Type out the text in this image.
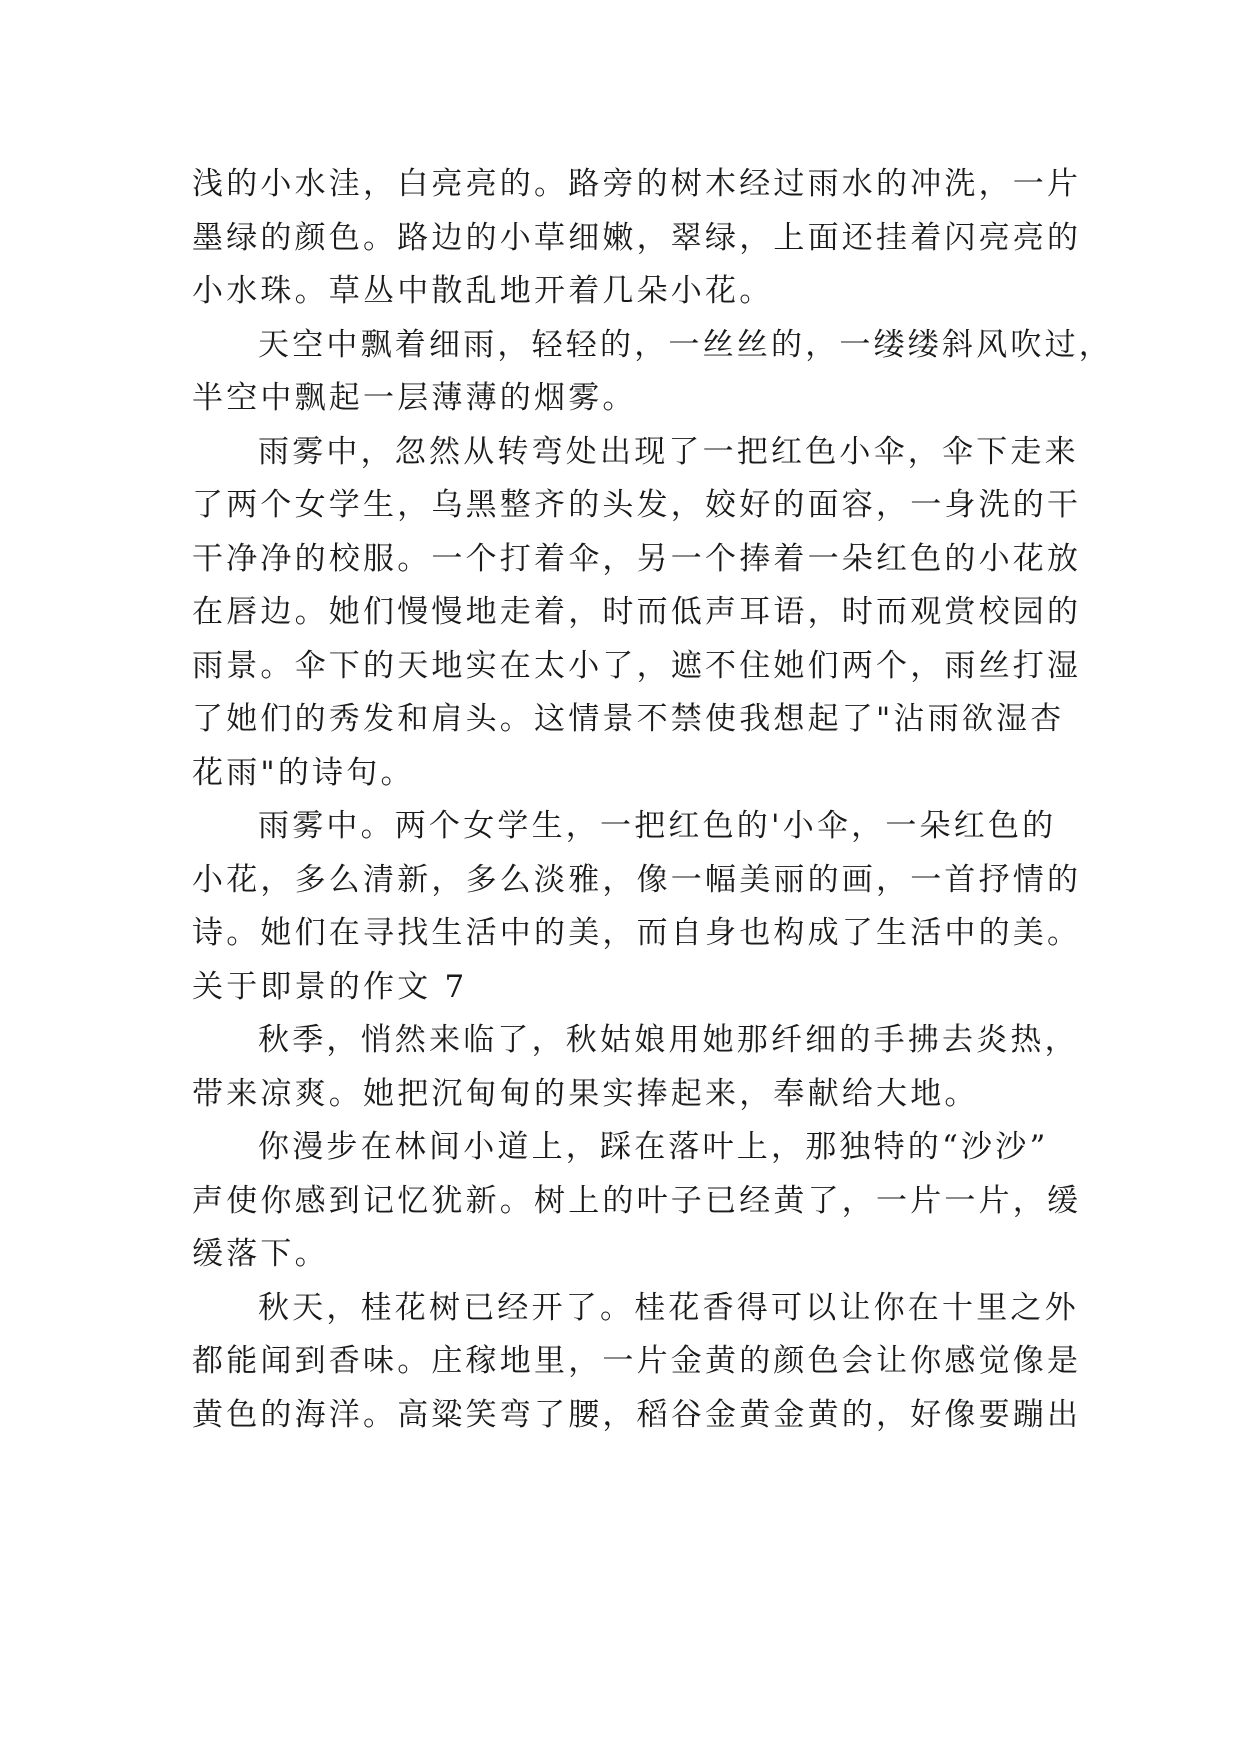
浅的小水洼，白亮亮的。路旁的树木经过雨水的冲洗，一片
墨绿的颜色。路边的小草细嫩，翠绿，上面还挂着闪亮亮的
小水珠。草丛中散乱地开着几朵小花。
天空中飘着细雨，轻轻的，一丝丝的，一缕缕斜风吹过，
半空中飘起一层薄薄的烟雾。
雨雾中，忽然从转弯处出现了一把红色小伞，伞下走来
了两个女学生，乌黑整齐的头发，姣好的面容，一身洗的干
干净净的校服。一个打着伞，另一个捧着一朵红色的小花放
在唇边。她们慢慢地走着，时而低声耳语，时而观赏校园的
雨景。伞下的天地实在太小了，遮不住她们两个，雨丝打湿
了她们的秀发和肩头。这情景不禁使我想起了"沾雨欲湿杏
花雨"的诗句。
雨雾中。两个女学生，一把红色的'小伞，一朵红色的
小花，多么清新，多么淡雅，像一幅美丽的画，一首抒情的
诗。她们在寻找生活中的美，而自身也构成了生活中的美。
关于即景的作文 7
秋季，悄然来临了，秋姑娘用她那纤细的手拂去炎热，
带来凉爽。她把沉甸甸的果实捧起来，奉献给大地。
你漫步在林间小道上，踩在落叶上，那独特的“沙沙”
声使你感到记忆犹新。树上的叶子已经黄了，一片一片，缓
缓落下。
秋天，桂花树已经开了。桂花香得可以让你在十里之外
都能闻到香味。庄稼地里，一片金黄的颜色会让你感觉像是
黄色的海洋。高粱笑弯了腰，稻谷金黄金黄的，好像要蹦出
